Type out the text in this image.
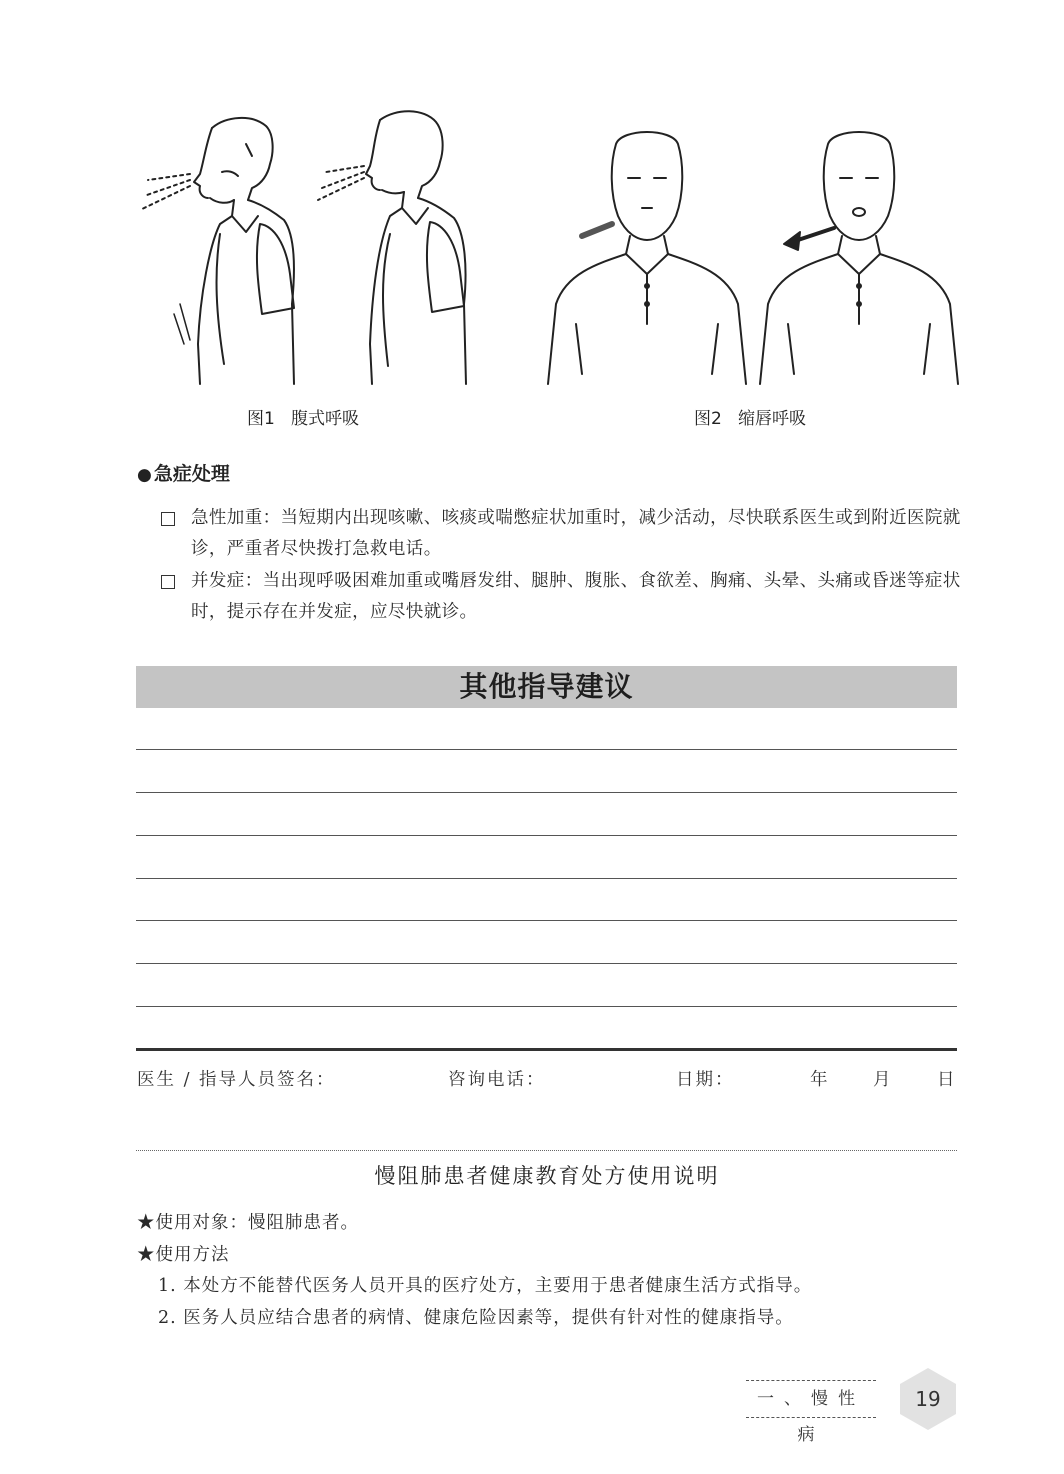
图1 腹式呼吸	图2 缩唇呼吸
● 急症处理
急性加重：当短期内出现咳嗽、咳痰或喘憋症状加重时，减少活动，尽快联系医生或到附近医院就诊，严重者尽快拨打急救电话。
并发症：当出现呼吸困难加重或嘴唇发绀、腿肿、腹胀、食欲差、胸痛、头晕、头痛或昏迷等症状时，提示存在并发症，应尽快就诊。
其他指导建议
医生 / 指导人员签名：	咨询电话：	日期：	年 月	日
慢阻肺患者健康教育处方使用说明
★使用对象：慢阻肺患者。
★使用方法
1. 本处方不能替代医务人员开具的医疗处方，主要用于患者健康生活方式指导。
2. 医务人员应结合患者的病情、健康危险因素等，提供有针对性的健康指导。
一、慢性病
19
